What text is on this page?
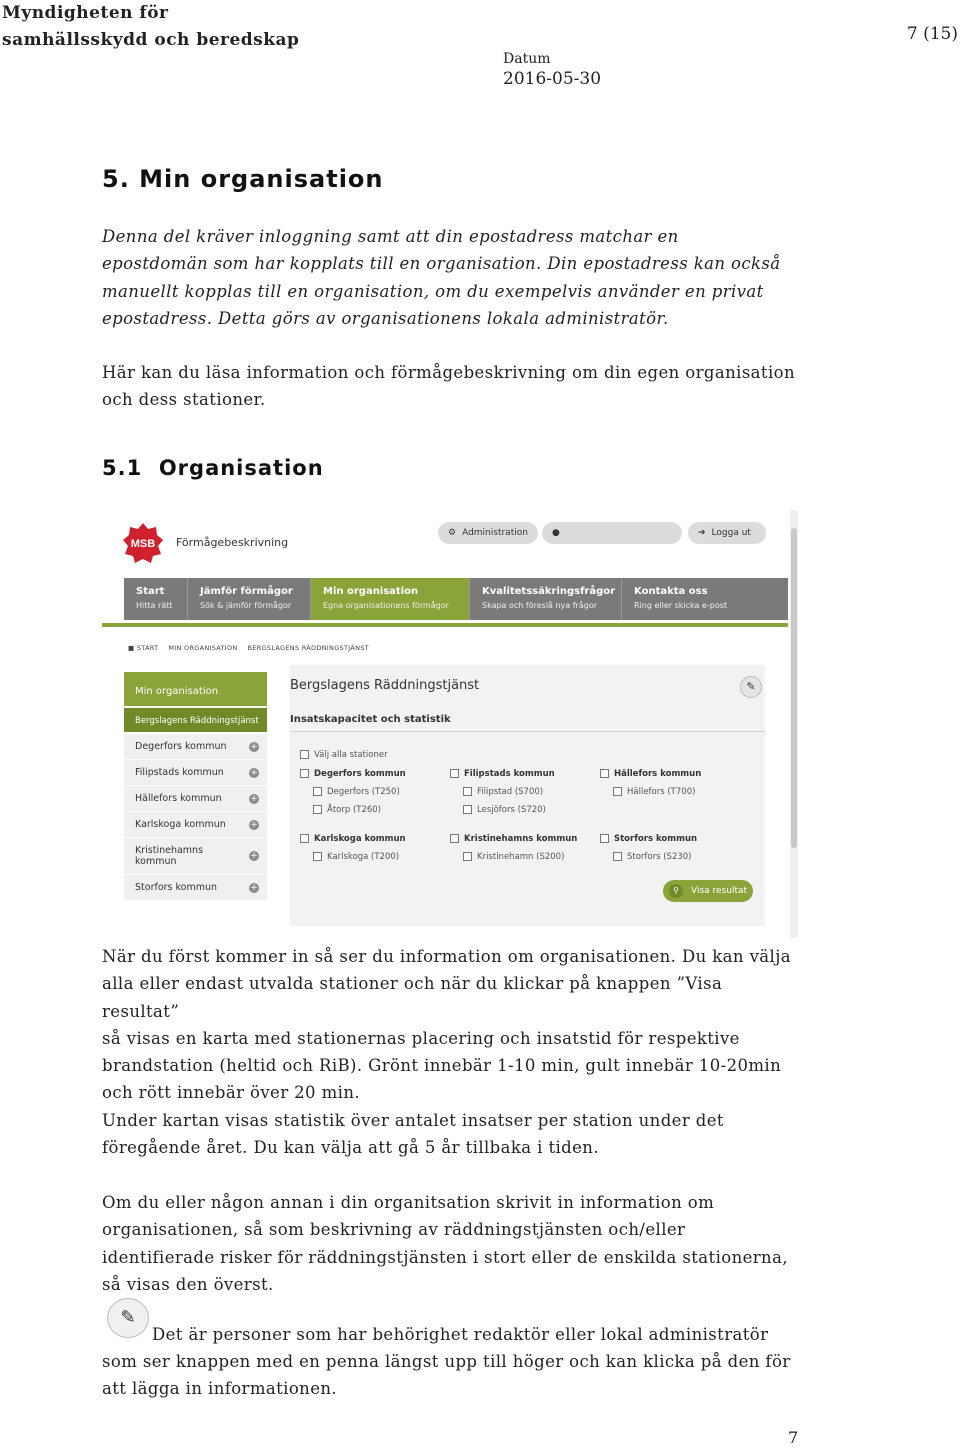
Myndigheten för
samhällsskydd och beredskap	7 (15)
Datum
2016-05-30
5. Min organisation
Denna del kräver inloggning samt att din epostadress matchar en
epostdomän som har kopplats till en organisation. Din epostadress kan också
manuellt kopplas till en organisation, om du exempelvis använder en privat
epostadress. Detta görs av organisationens lokala administratör.
Här kan du läsa information och förmågebeskrivning om din egen organisation
och dess stationer.
5.1  Organisation
MSB Förmågebeskrivning
⚙ Administration	●	➔ Logga ut
Start
Hitta rätt
Jämför förmågor
Sök & jämför förmågor
Min organisation
Egna organisationens förmågor
Kvalitetssäkringsfrågor
Skapa och föreslå nya frågor
Kontakta oss
Ring eller skicka e-post
■ START MIN ORGANISATION BERGSLAGENS RÄDDNINGSTJÄNST
Min organisation
Bergslagens Räddningstjänst
Degerfors kommun	+
Filipstads kommun	+
Hällefors kommun	+
Karlskoga kommun	+
Kristinehamns kommun	+
Storfors kommun	+
Bergslagens Räddningstjänst	✎
Insatskapacitet och statistik
Välj alla stationer
Degerfors kommun
Degerfors (T250)
Åtorp (T260)
Filipstads kommun
Filipstad (S700)
Lesjöfors (S720)
Hällefors kommun
Hällefors (T700)
Karlskoga kommun
Karlskoga (T200)
Kristinehamns kommun
Kristinehamn (S200)
Storfors kommun
Storfors (S230)
⚲	Visa resultat
När du först kommer in så ser du information om organisationen. Du kan välja
alla eller endast utvalda stationer och när du klickar på knappen ”Visa resultat”
så visas en karta med stationernas placering och insatstid för respektive
brandstation (heltid och RiB). Grönt innebär 1-10 min, gult innebär 10-20min
och rött innebär över 20 min.
Under kartan visas statistik över antalet insatser per station under det
föregående året. Du kan välja att gå 5 år tillbaka i tiden.
Om du eller någon annan i din organitsation skrivit in information om
organisationen, så som beskrivning av räddningstjänsten och/eller
identifierade risker för räddningstjänsten i stort eller de enskilda stationerna,
så visas den överst.
✎
Det är personer som har behörighet redaktör eller lokal administratör
som ser knappen med en penna längst upp till höger och kan klicka på den för
att lägga in informationen.
7
